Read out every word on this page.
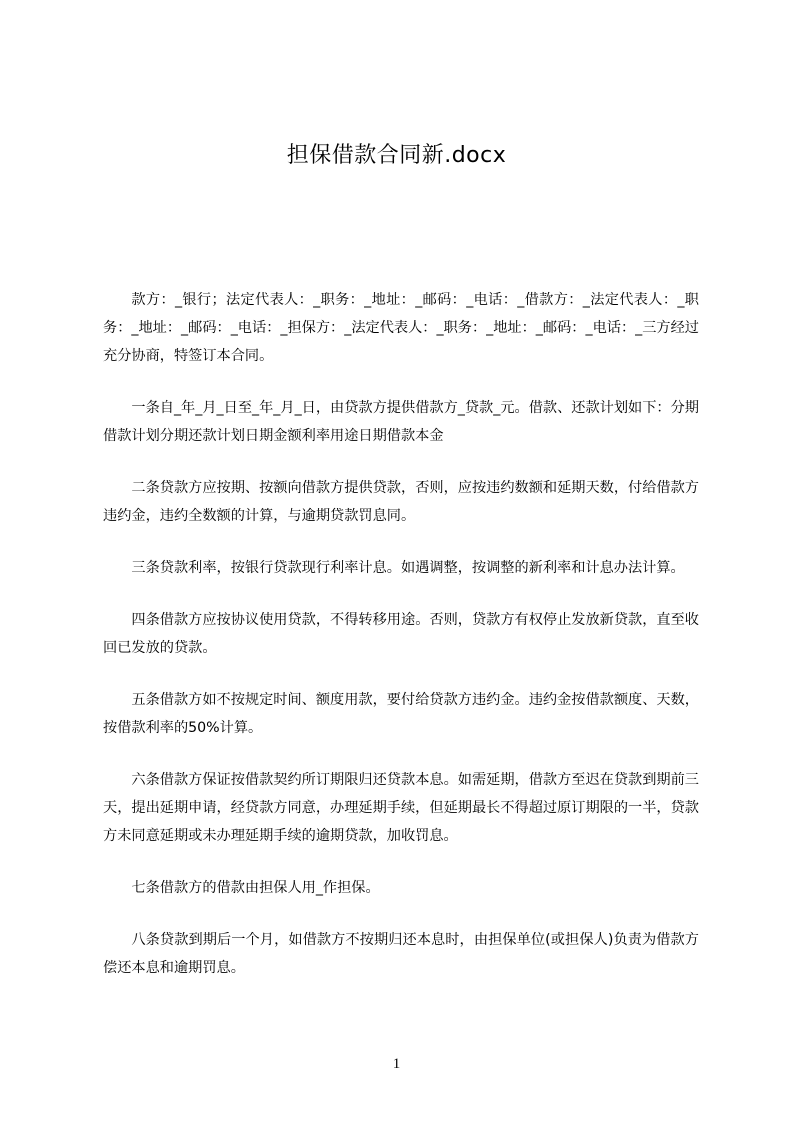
担保借款合同新.docx

款方：_银行；法定代表人：_职务：_地址：_邮码：_电话：_借款方：_法定代表人：_职务：_地址：_邮码：_电话：_担保方：_法定代表人：_职务：_地址：_邮码：_电话：_三方经过充分协商，特签订本合同。

一条自_年_月_日至_年_月_日，由贷款方提供借款方_贷款_元。借款、还款计划如下：分期借款计划分期还款计划日期金额利率用途日期借款本金

二条贷款方应按期、按额向借款方提供贷款，否则，应按违约数额和延期天数，付给借款方违约金，违约全数额的计算，与逾期贷款罚息同。

三条贷款利率，按银行贷款现行利率计息。如遇调整，按调整的新利率和计息办法计算。

四条借款方应按协议使用贷款，不得转移用途。否则，贷款方有权停止发放新贷款，直至收回已发放的贷款。

五条借款方如不按规定时间、额度用款，要付给贷款方违约金。违约金按借款额度、天数，按借款利率的50%计算。

六条借款方保证按借款契约所订期限归还贷款本息。如需延期，借款方至迟在贷款到期前三天，提出延期申请，经贷款方同意，办理延期手续，但延期最长不得超过原订期限的一半，贷款方未同意延期或未办理延期手续的逾期贷款，加收罚息。

七条借款方的借款由担保人用_作担保。

八条贷款到期后一个月，如借款方不按期归还本息时，由担保单位(或担保人)负责为借款方偿还本息和逾期罚息。

1
